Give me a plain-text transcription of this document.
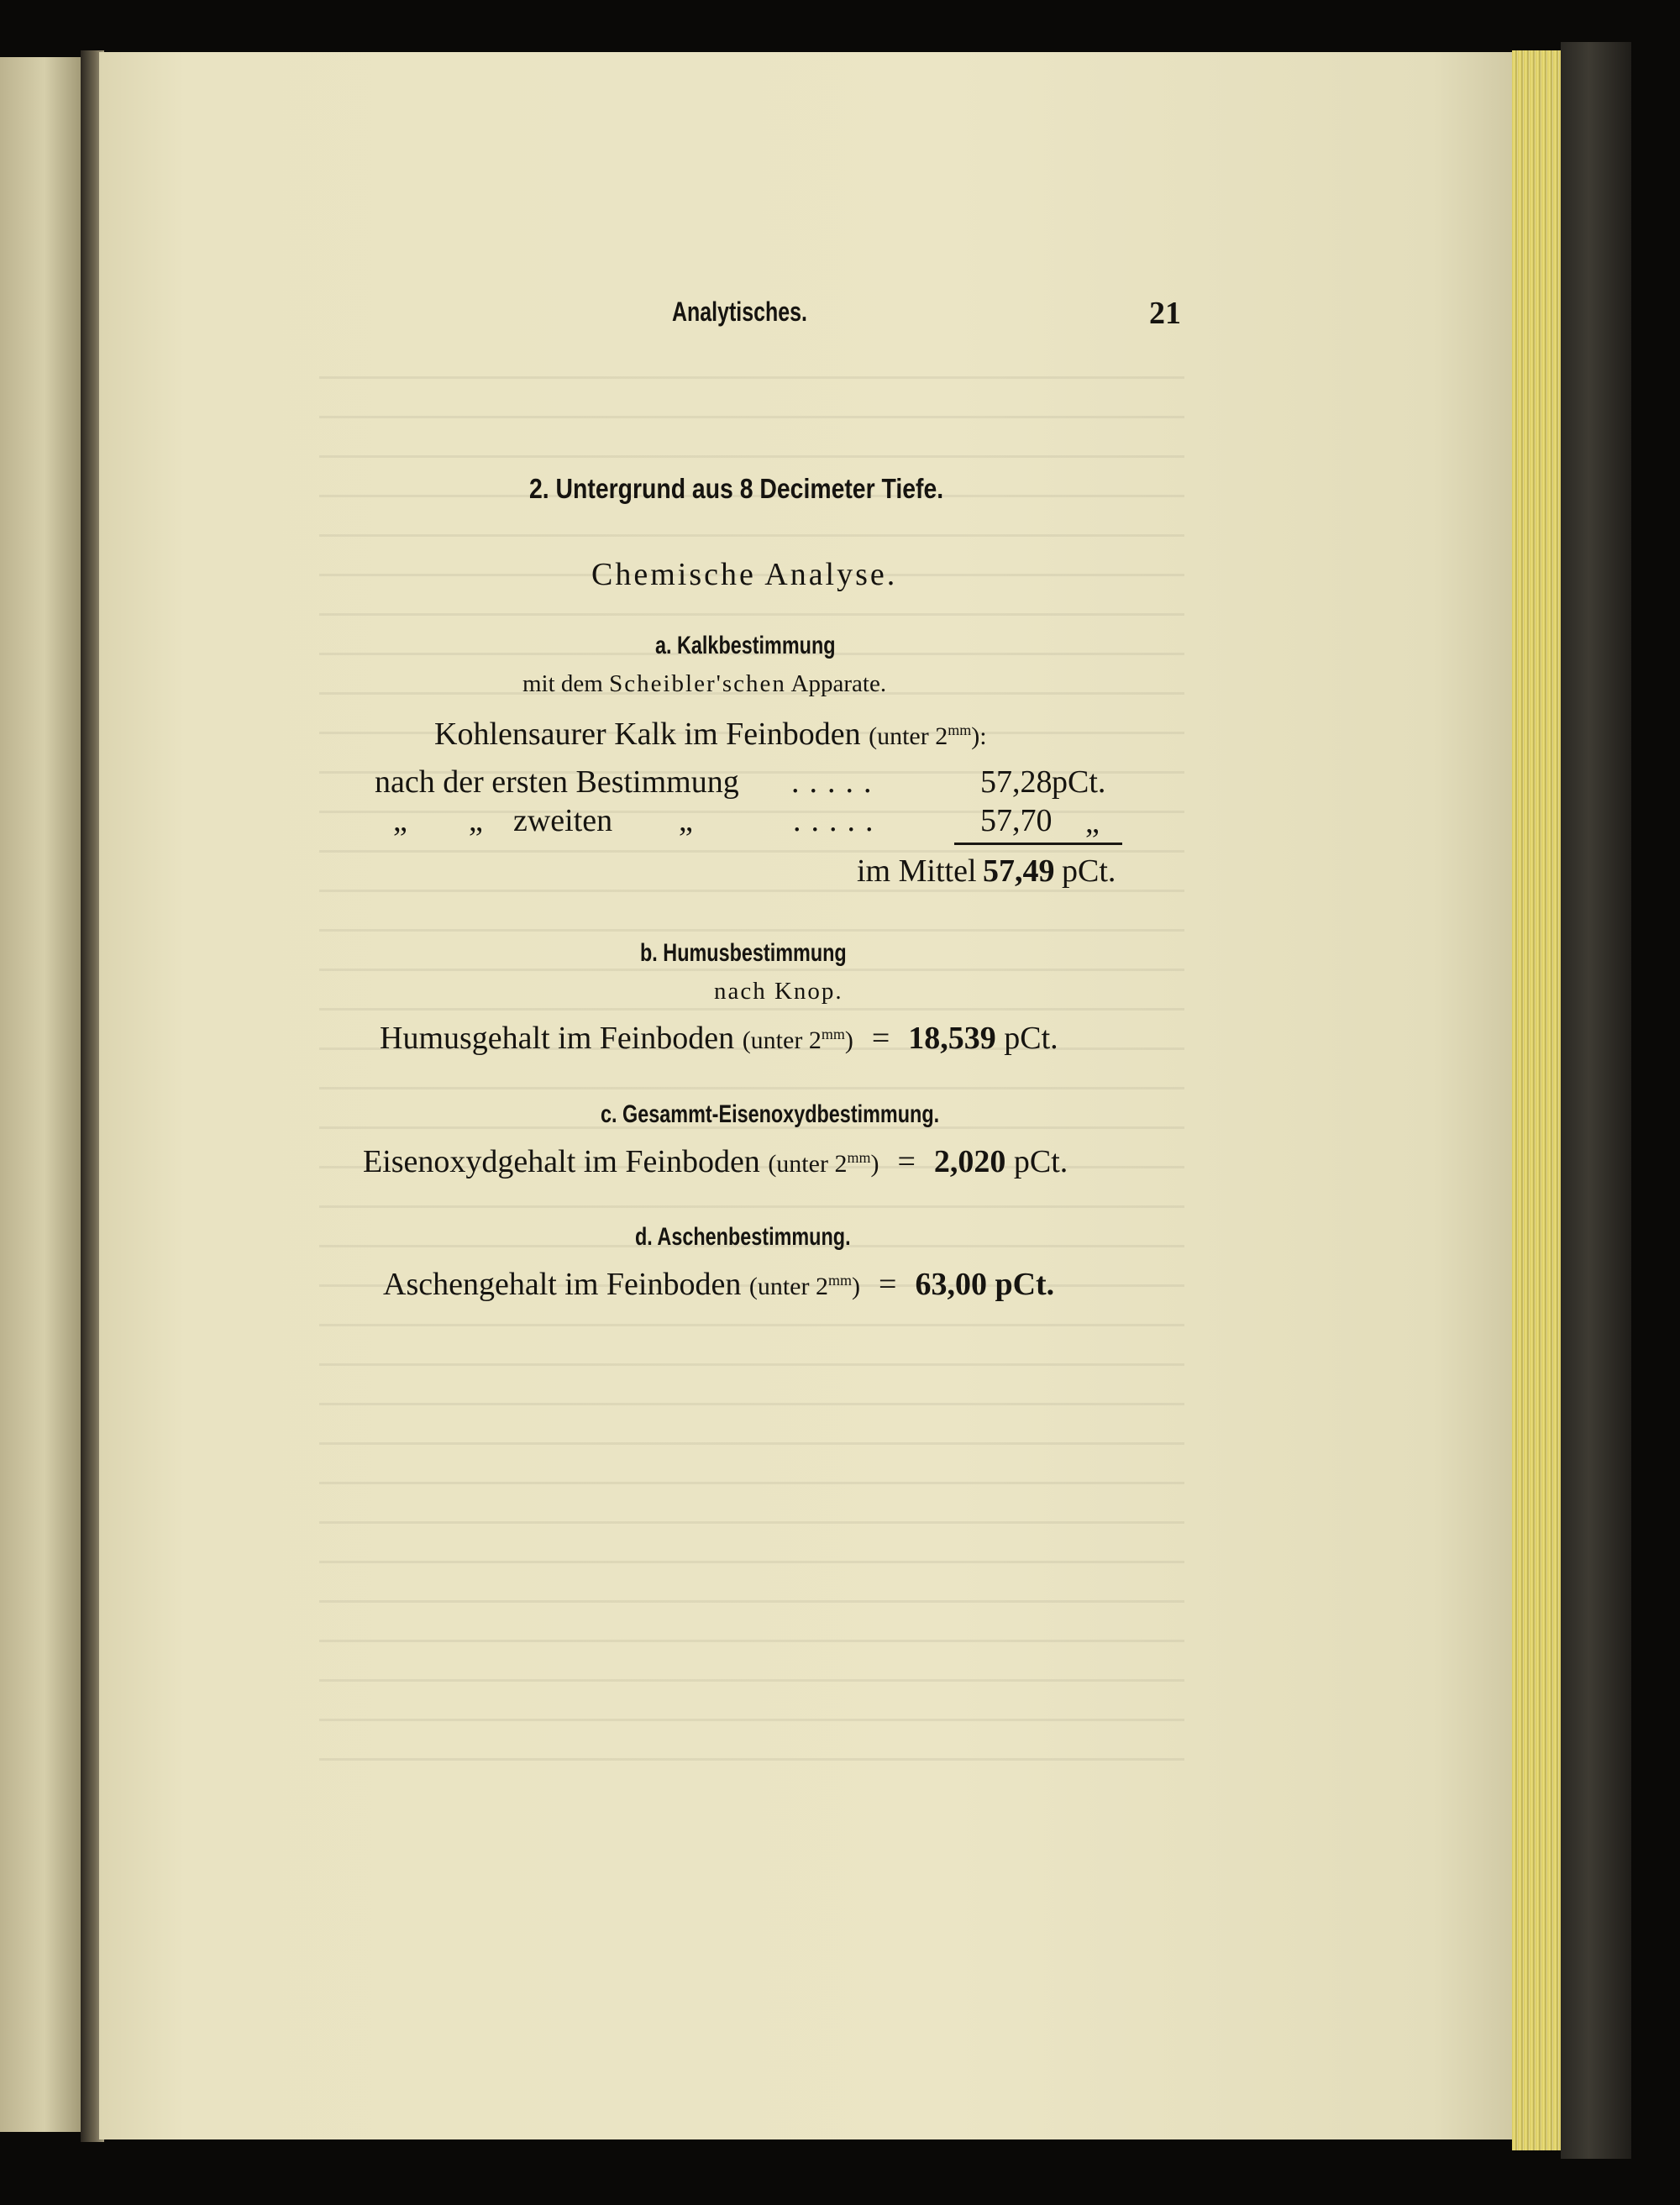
Analytisches.	21
2. Untergrund aus 8 Decimeter Tiefe.
Chemische Analyse.
a. Kalkbestimmung
mit dem Scheibler'schen Apparate.
Kohlensaurer Kalk im Feinboden (unter $2^{mm}$):
nach der ersten Bestimmung .....	57,28 pCt.
„ „ zweiten „	.....	57,70 „
im Mittel 57,49 pCt.
b. Humusbestimmung
nach Knop.
Humusgehalt im Feinboden (unter $2^{mm}) = 18,539$ pCt.
c. Gesammt-Eisenoxydbestimmung.
Eisenoxydgehalt im Feinboden (unter $2^{mm}) = 2,020$ pCt.
d. Aschenbestimmung.
Aschengehalt im Feinboden (unter $2^{mm}) = 63,00$ pCt.
